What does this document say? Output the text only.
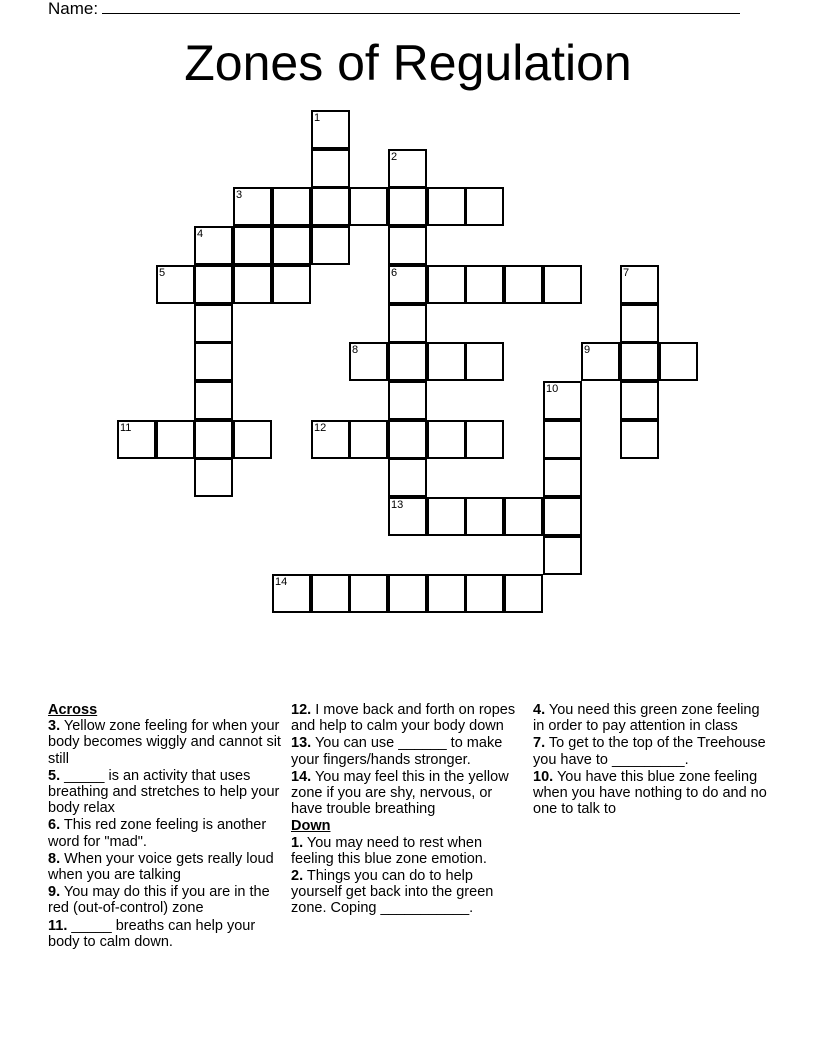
Name:
Zones of Regulation
1
2
6
3
4
5	7
8	9
10
11	12
13
14
Across
3. Yellow zone feeling for when your body becomes wiggly and cannot sit still
5. _____ is an activity that uses breathing and stretches to help your body relax
6. This red zone feeling is another word for "mad".
8. When your voice gets really loud when you are talking
9. You may do this if you are in the red (out-of-control) zone
11. _____ breaths can help your body to calm down.
12. I move back and forth on ropes and help to calm your body down
13. You can use ______ to make your fingers/hands stronger.
14. You may feel this in the yellow zone if you are shy, nervous, or have trouble breathing
Down
1. You may need to rest when feeling this blue zone emotion.
2. Things you can do to help yourself get back into the green zone. Coping ___________.
4. You need this green zone feeling in order to pay attention in class
7. To get to the top of the Treehouse you have to _________.
10. You have this blue zone feeling when you have nothing to do and no one to talk to
